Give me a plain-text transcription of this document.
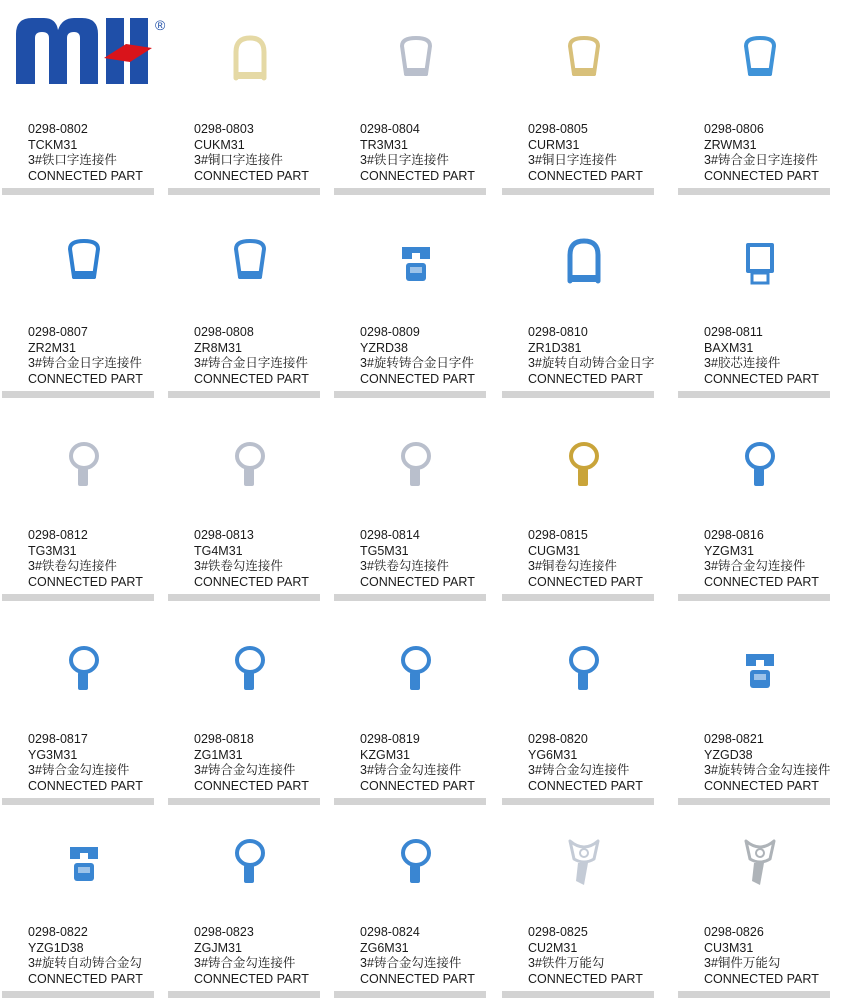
®
0298-0802
TCKM31
3#铁口字连接件
CONNECTED PART
0298-0803
CUKM31
3#铜口字连接件
CONNECTED PART
0298-0804
TR3M31
3#铁日字连接件
CONNECTED PART
0298-0805
CURM31
3#铜日字连接件
CONNECTED PART
0298-0806
ZRWM31
3#铸合金日字连接件
CONNECTED PART
0298-0807
ZR2M31
3#铸合金日字连接件
CONNECTED PART
0298-0808
ZR8M31
3#铸合金日字连接件
CONNECTED PART
0298-0809
YZRD38
3#旋转铸合金日字件
CONNECTED PART
0298-0810
ZR1D381
3#旋转自动铸合金日字
CONNECTED PART
0298-0811
BAXM31
3#胶芯连接件
CONNECTED PART
0298-0812
TG3M31
3#铁卷勾连接件
CONNECTED PART
0298-0813
TG4M31
3#铁卷勾连接件
CONNECTED PART
0298-0814
TG5M31
3#铁卷勾连接件
CONNECTED PART
0298-0815
CUGM31
3#铜卷勾连接件
CONNECTED PART
0298-0816
YZGM31
3#铸合金勾连接件
CONNECTED PART
0298-0817
YG3M31
3#铸合金勾连接件
CONNECTED PART
0298-0818
ZG1M31
3#铸合金勾连接件
CONNECTED PART
0298-0819
KZGM31
3#铸合金勾连接件
CONNECTED PART
0298-0820
YG6M31
3#铸合金勾连接件
CONNECTED PART
0298-0821
YZGD38
3#旋转铸合金勾连接件
CONNECTED PART
0298-0822
YZG1D38
3#旋转自动铸合金勾
CONNECTED PART
0298-0823
ZGJM31
3#铸合金勾连接件
CONNECTED PART
0298-0824
ZG6M31
3#铸合金勾连接件
CONNECTED PART
0298-0825
CU2M31
3#铁件万能勾
CONNECTED PART
0298-0826
CU3M31
3#铜件万能勾
CONNECTED PART
